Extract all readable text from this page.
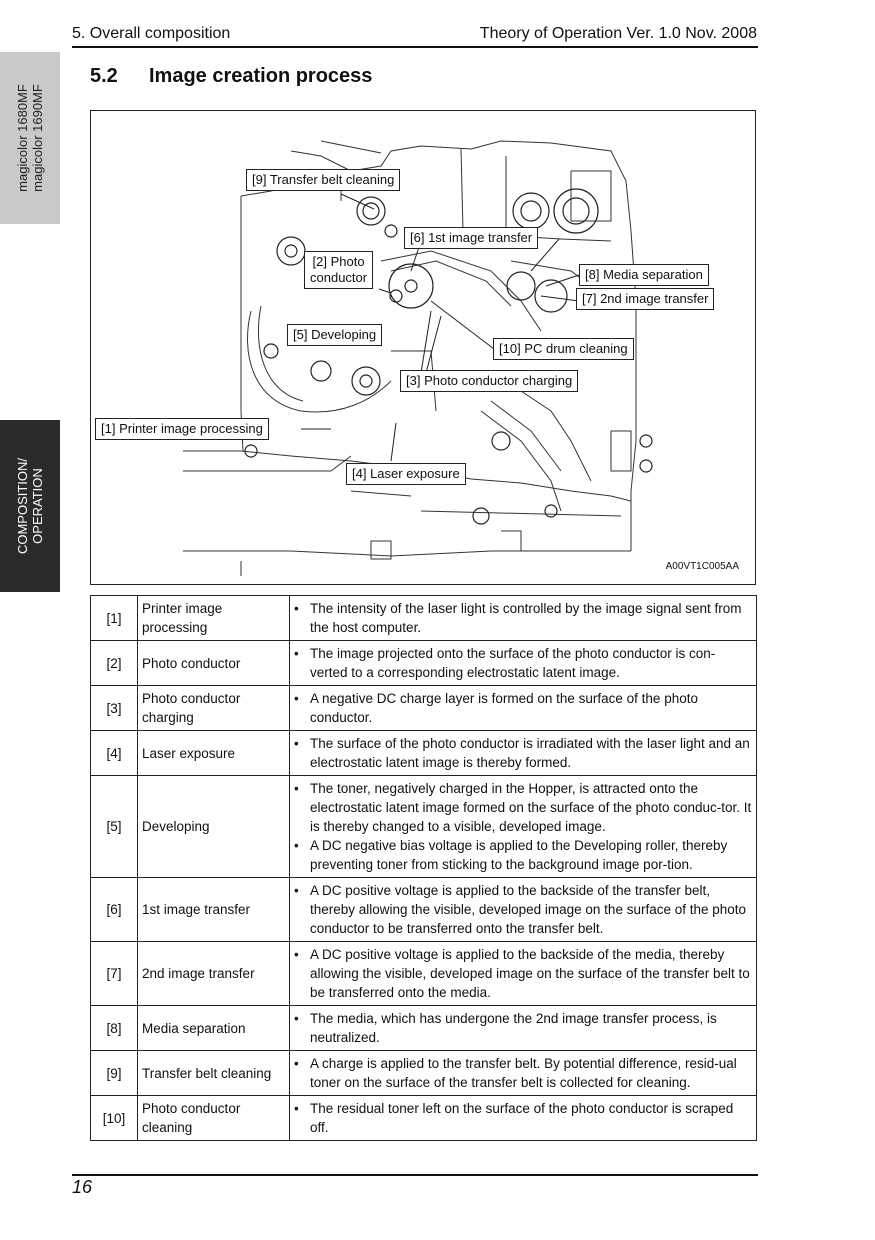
5. Overall composition	Theory of Operation Ver. 1.0 Nov. 2008
magicolor 1680MF magicolor 1690MF
COMPOSITION/ OPERATION
5.2 Image creation process
[9] Transfer belt cleaning
[6] 1st image transfer
[2] Photo
conductor	[8] Media separation
[7] 2nd image transfer
[5] Developing
[10] PC drum cleaning
[3] Photo conductor charging
[1] Printer image processing
[4] Laser exposure
A00VT1C005AA
[1]	Printer image processing	• The intensity of the laser light is controlled by the image signal sent from the host computer.

[2]	Photo conductor	• The image projected onto the surface of the photo conductor is con-verted to a corresponding electrostatic latent image.

[3]	Photo conductor charging	• A negative DC charge layer is formed on the surface of the photo conductor.

[4]	Laser exposure	• The surface of the photo conductor is irradiated with the laser light and an electrostatic latent image is thereby formed.

[5]	Developing	• The toner, negatively charged in the Hopper, is attracted onto the electrostatic latent image formed on the surface of the photo conduc-tor. It is thereby changed to a visible, developed image.
• A DC negative bias voltage is applied to the Developing roller, thereby preventing toner from sticking to the background image por-tion.

[6]	1st image transfer	• A DC positive voltage is applied to the backside of the transfer belt, thereby allowing the visible, developed image on the surface of the photo conductor to be transferred onto the transfer belt.

[7]	2nd image transfer	• A DC positive voltage is applied to the backside of the media, thereby allowing the visible, developed image on the surface of the transfer belt to be transferred onto the media.

[8]	Media separation	• The media, which has undergone the 2nd image transfer process, is neutralized.

[9]	Transfer belt cleaning	• A charge is applied to the transfer belt. By potential difference, resid-ual toner on the surface of the transfer belt is collected for cleaning.

[10]	Photo conductor cleaning	• The residual toner left on the surface of the photo conductor is scraped off.
16
